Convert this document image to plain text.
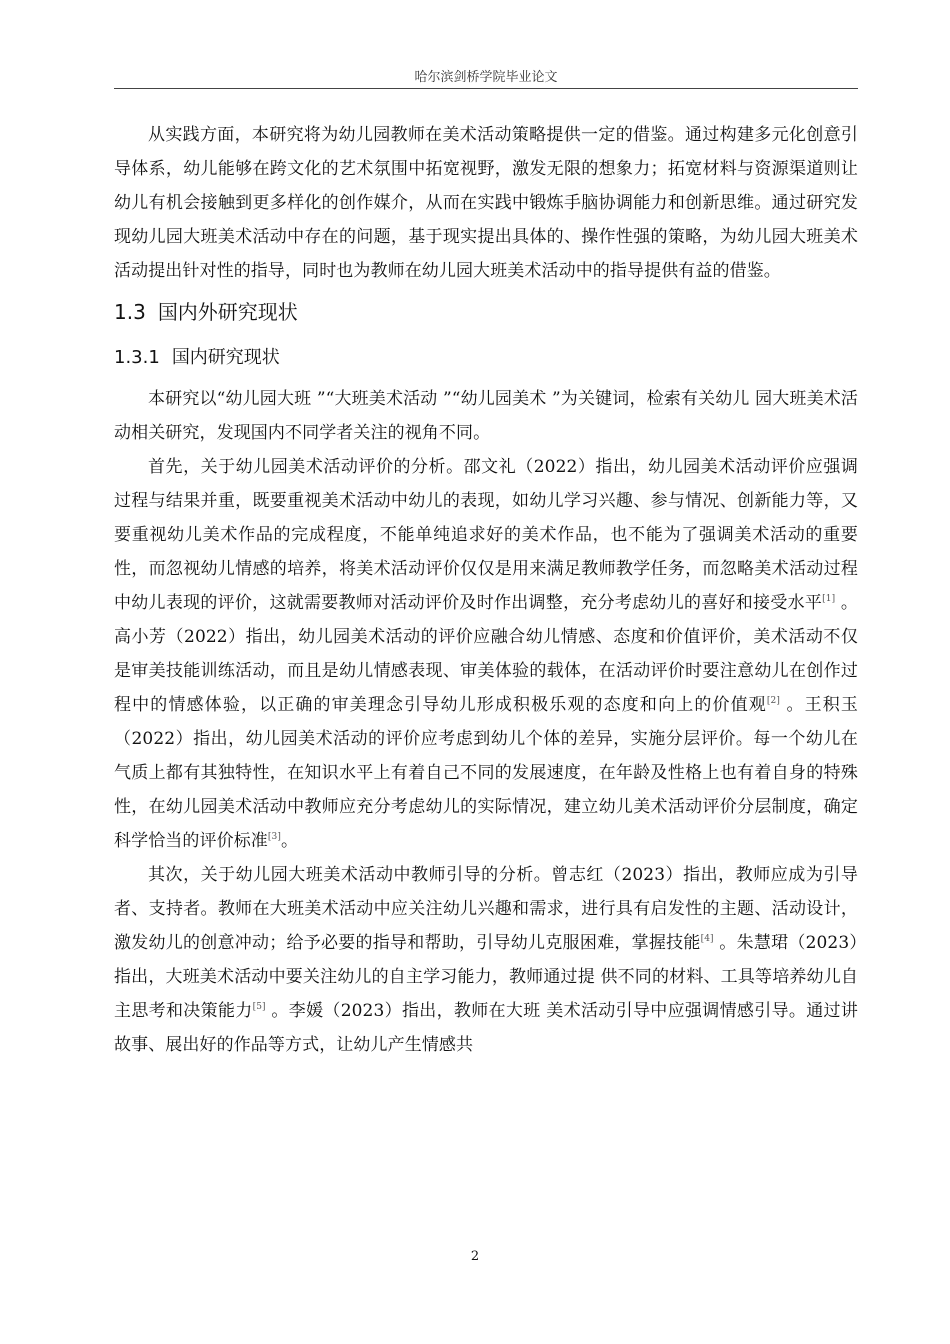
哈尔滨剑桥学院毕业论文

从实践方面，本研究将为幼儿园教师在美术活动策略提供一定的借鉴。通过构建多元化创意引导体系，幼儿能够在跨文化的艺术氛围中拓宽视野，激发无限的想象力；拓宽材料与资源渠道则让幼儿有机会接触到更多样化的创作媒介，从而在实践中锻炼手脑协调能力和创新思维。通过研究发现幼儿园大班美术活动中存在的问题，基于现实提出具体的、操作性强的策略，为幼儿园大班美术活动提出针对性的指导，同时也为教师在幼儿园大班美术活动中的指导提供有益的借鉴。

1.3 国内外研究现状
1.3.1 国内研究现状

本研究以“幼儿园大班 ”“大班美术活动 ”“幼儿园美术 ”为关键词，检索有关幼儿 园大班美术活动相关研究，发现国内不同学者关注的视角不同。

首先，关于幼儿园美术活动评价的分析。邵文礼（2022）指出，幼儿园美术活动评价应强调过程与结果并重，既要重视美术活动中幼儿的表现，如幼儿学习兴趣、参与情况、创新能力等，又要重视幼儿美术作品的完成程度，不能单纯追求好的美术作品，也不能为了强调美术活动的重要性，而忽视幼儿情感的培养，将美术活动评价仅仅是用来满足教师教学任务，而忽略美术活动过程中幼儿表现的评价，这就需要教师对活动评价及时作出调整，充分考虑幼儿的喜好和接受水平[1] 。高小芳（2022）指出，幼儿园美术活动的评价应融合幼儿情感、态度和价值评价，美术活动不仅是审美技能训练活动，而且是幼儿情感表现、审美体验的载体，在活动评价时要注意幼儿在创作过程中的情感体验，以正确的审美理念引导幼儿形成积极乐观的态度和向上的价值观[2] 。王积玉（2022）指出，幼儿园美术活动的评价应考虑到幼儿个体的差异，实施分层评价。每一个幼儿在气质上都有其独特性，在知识水平上有着自己不同的发展速度，在年龄及性格上也有着自身的特殊性，在幼儿园美术活动中教师应充分考虑幼儿的实际情况，建立幼儿美术活动评价分层制度，确定科学恰当的评价标准[3]。

其次，关于幼儿园大班美术活动中教师引导的分析。曾志红（2023）指出，教师应成为引导者、支持者。教师在大班美术活动中应关注幼儿兴趣和需求，进行具有启发性的主题、活动设计，激发幼儿的创意冲动；给予必要的指导和帮助，引导幼儿克服困难，掌握技能[4] 。朱慧珺（2023）指出，大班美术活动中要关注幼儿的自主学习能力，教师通过提 供不同的材料、工具等培养幼儿自主思考和决策能力[5] 。李媛（2023）指出，教师在大班 美术活动引导中应强调情感引导。通过讲故事、展出好的作品等方式，让幼儿产生情感共

2
